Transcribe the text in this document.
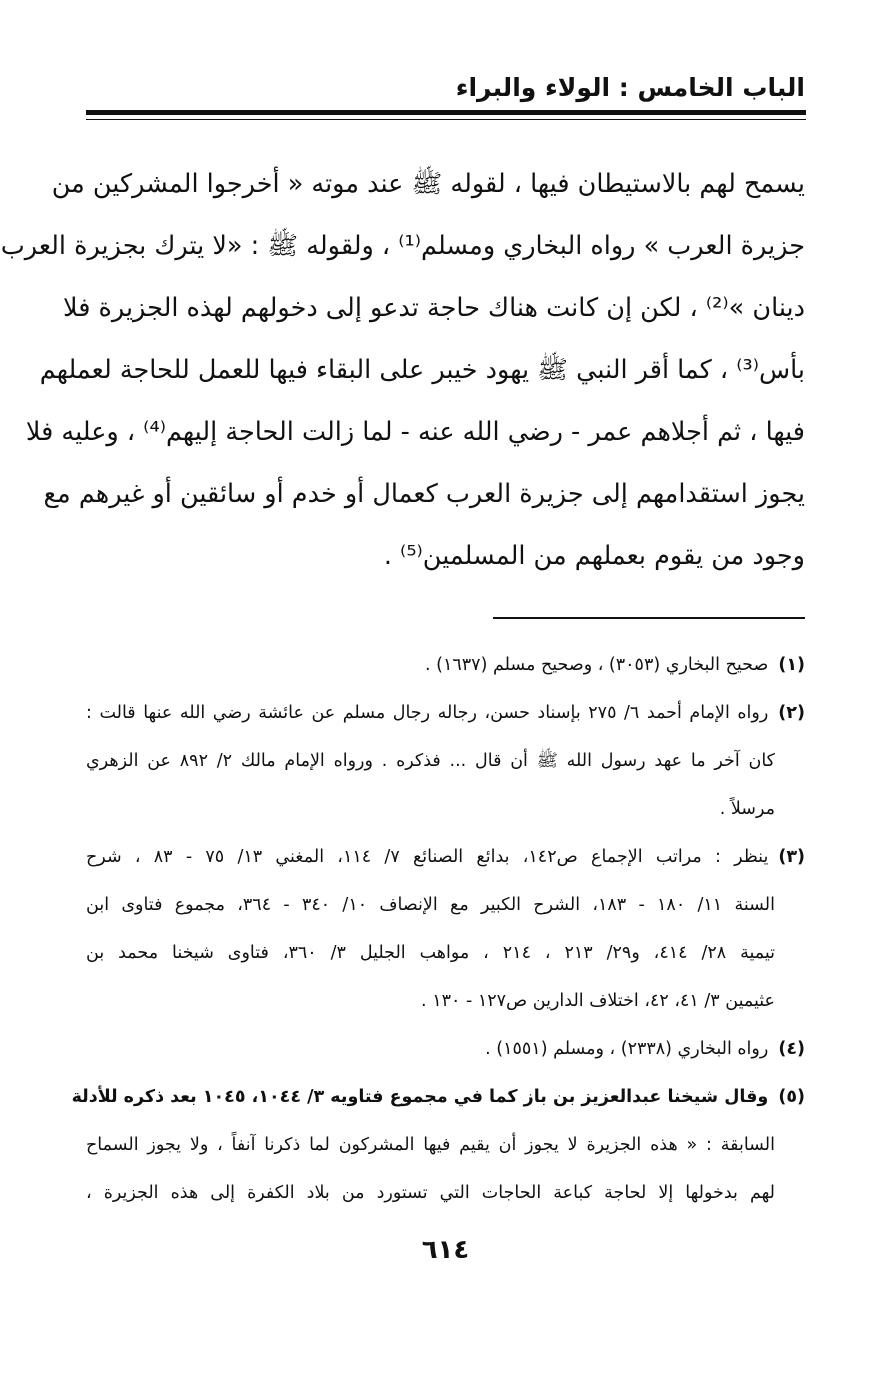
الباب الخامس : الولاء والبراء
يسمح لهم بالاستيطان فيها ، لقوله ﷺ عند موته « أخرجوا المشركين من
جزيرة العرب » رواه البخاري ومسلم⁽¹⁾ ، ولقوله ﷺ : «لا يترك بجزيرة العرب
دينان »⁽²⁾ ، لكن إن كانت هناك حاجة تدعو إلى دخولهم لهذه الجزيرة فلا
بأس⁽³⁾ ، كما أقر النبي ﷺ يهود خيبر على البقاء فيها للعمل للحاجة لعملهم
فيها ، ثم أجلاهم عمر - رضي الله عنه - لما زالت الحاجة إليهم⁽⁴⁾ ، وعليه فلا
يجوز استقدامهم إلى جزيرة العرب كعمال أو خدم أو سائقين أو غيرهم مع
وجود من يقوم بعملهم من المسلمين⁽⁵⁾ .
(١)صحيح البخاري (٣٠٥٣) ، وصحيح مسلم (١٦٣٧) .
(٢)رواه الإمام أحمد ٦/ ٢٧٥ بإسناد حسن، رجاله رجال مسلم عن عائشة رضي الله عنها قالت :
كان آخر ما عهد رسول الله ﷺ أن قال ... فذكره . ورواه الإمام مالك ٢/ ٨٩٢ عن الزهري
مرسلاً .
(٣)ينظر : مراتب الإجماع ص١٤٢، بدائع الصنائع ٧/ ١١٤، المغني ١٣/ ٧٥ - ٨٣ ، شرح
السنة ١١/ ١٨٠ - ١٨٣، الشرح الكبير مع الإنصاف ١٠/ ٣٤٠ - ٣٦٤، مجموع فتاوى ابن
تيمية ٢٨/ ٤١٤، و٢٩/ ٢١٣ ، ٢١٤ ، مواهب الجليل ٣/ ٣٦٠، فتاوى شيخنا محمد بن
عثيمين ٣/ ٤١، ٤٢، اختلاف الدارين ص١٢٧ - ١٣٠ .
(٤)رواه البخاري (٢٣٣٨) ، ومسلم (١٥٥١) .
(٥)وقال شيخنا عبدالعزيز بن باز كما في مجموع فتاويه ٣/ ١٠٤٤، ١٠٤٥ بعد ذكره للأدلة
السابقة : « هذه الجزيرة لا يجوز أن يقيم فيها المشركون لما ذكرنا آنفاً ، ولا يجوز السماح
لهم بدخولها إلا لحاجة كباعة الحاجات التي تستورد من بلاد الكفرة إلى هذه الجزيرة ،
٦١٤
